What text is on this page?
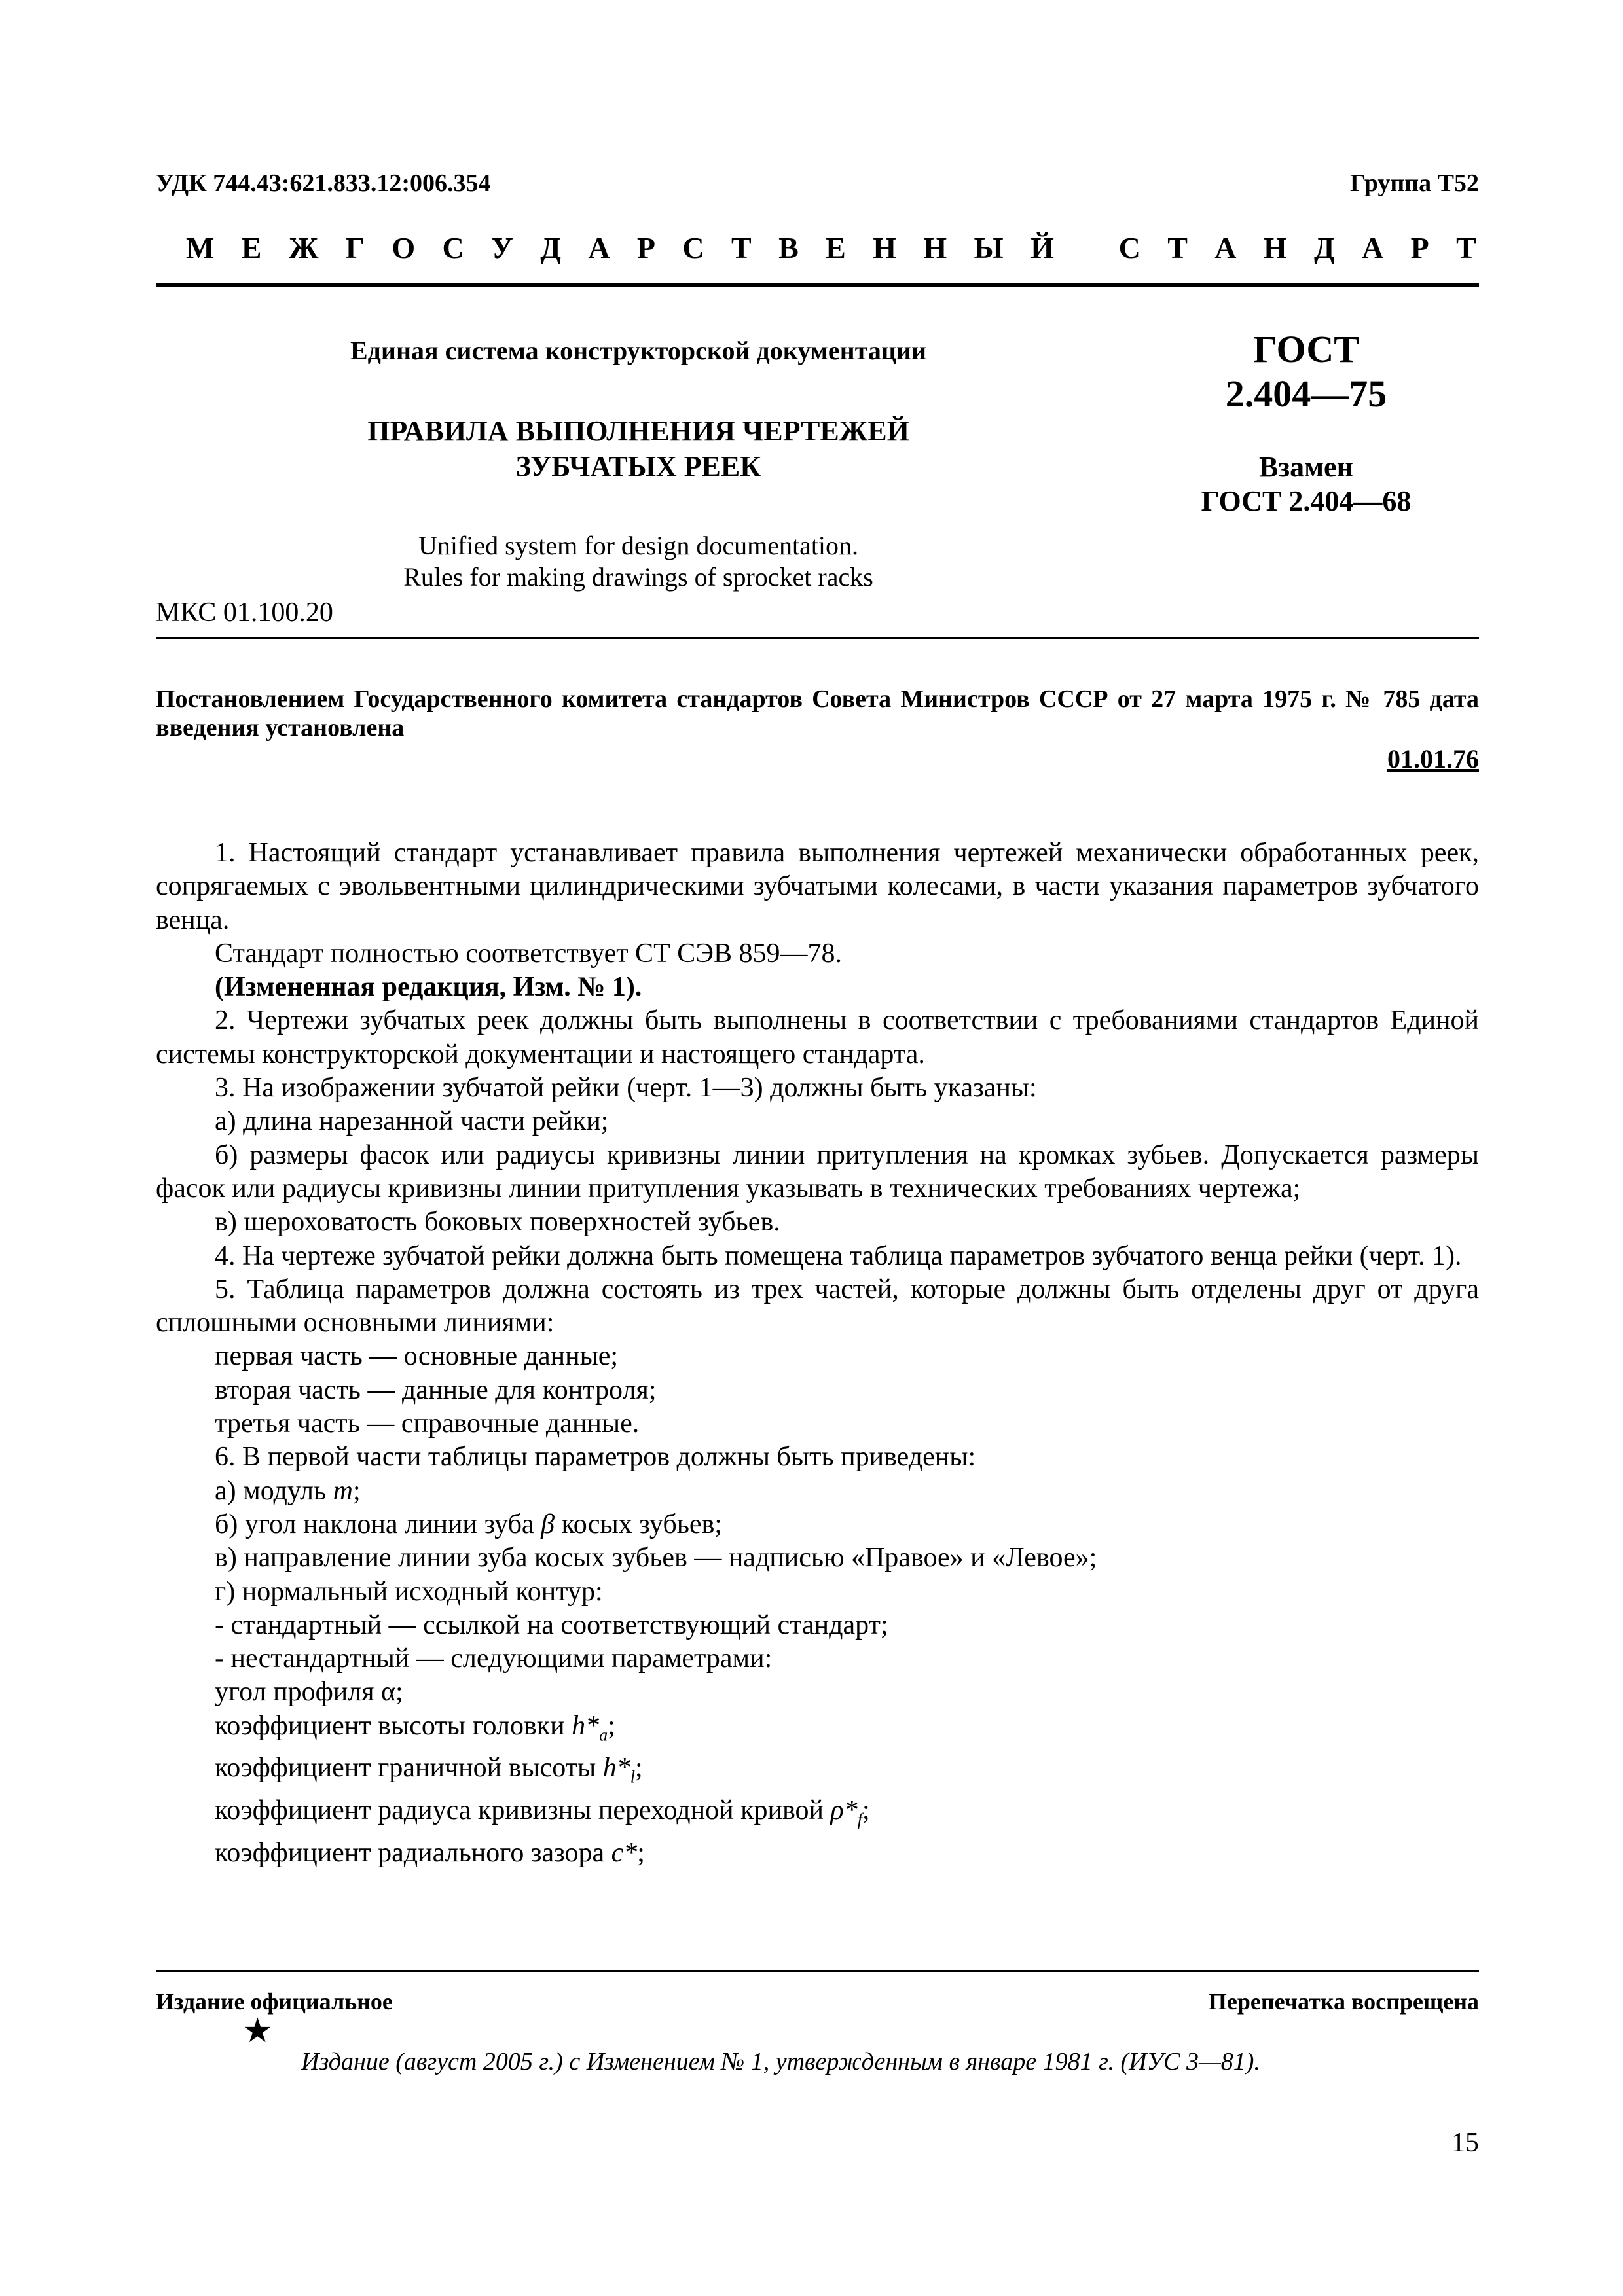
УДК 744.43:621.833.12:006.354	Группа Т52
М Е Ж Г О С У Д А Р С Т В Е Н Н Ы Й С Т А Н Д А Р Т
Единая система конструкторской документации
ПРАВИЛА ВЫПОЛНЕНИЯ ЧЕРТЕЖЕЙ
ЗУБЧАТЫХ РЕЕК
ГОСТ
2.404—75
Взамен
ГОСТ 2.404—68
Unified system for design documentation.
Rules for making drawings of sprocket racks
МКС 01.100.20
Постановлением Государственного комитета стандартов Совета Министров СССР от 27 марта 1975 г. № 785 дата введения установлена
01.01.76

1. Настоящий стандарт устанавливает правила выполнения чертежей механически обработанных реек, сопрягаемых с эвольвентными цилиндрическими зубчатыми колесами, в части указания параметров зубчатого венца.

Стандарт полностью соответствует СТ СЭВ 859—78.

(Измененная редакция, Изм. № 1).

2. Чертежи зубчатых реек должны быть выполнены в соответствии с требованиями стандартов Единой системы конструкторской документации и настоящего стандарта.

3. На изображении зубчатой рейки (черт. 1—3) должны быть указаны:

а) длина нарезанной части рейки;

б) размеры фасок или радиусы кривизны линии притупления на кромках зубьев. Допускается размеры фасок или радиусы кривизны линии притупления указывать в технических требованиях чертежа;

в) шероховатость боковых поверхностей зубьев.

4. На чертеже зубчатой рейки должна быть помещена таблица параметров зубчатого венца рейки (черт. 1).

5. Таблица параметров должна состоять из трех частей, которые должны быть отделены друг от друга сплошными основными линиями:

первая часть — основные данные;

вторая часть — данные для контроля;

третья часть — справочные данные.

6. В первой части таблицы параметров должны быть приведены:

а) модуль m;

б) угол наклона линии зуба β косых зубьев;

в) направление линии зуба косых зубьев — надписью «Правое» и «Левое»;

г) нормальный исходный контур:

- стандартный — ссылкой на соответствующий стандарт;

- нестандартный — следующими параметрами:

угол профиля α;

коэффициент высоты головки $h*_a$;

коэффициент граничной высоты $h*_l$;

коэффициент радиуса кривизны переходной кривой $\rho*_f$;

коэффициент радиального зазора c*;

Издание официальное	Перепечатка воспрещена
★
Издание (август 2005 г.) с Изменением № 1, утвержденным в январе 1981 г. (ИУС 3—81).
15
